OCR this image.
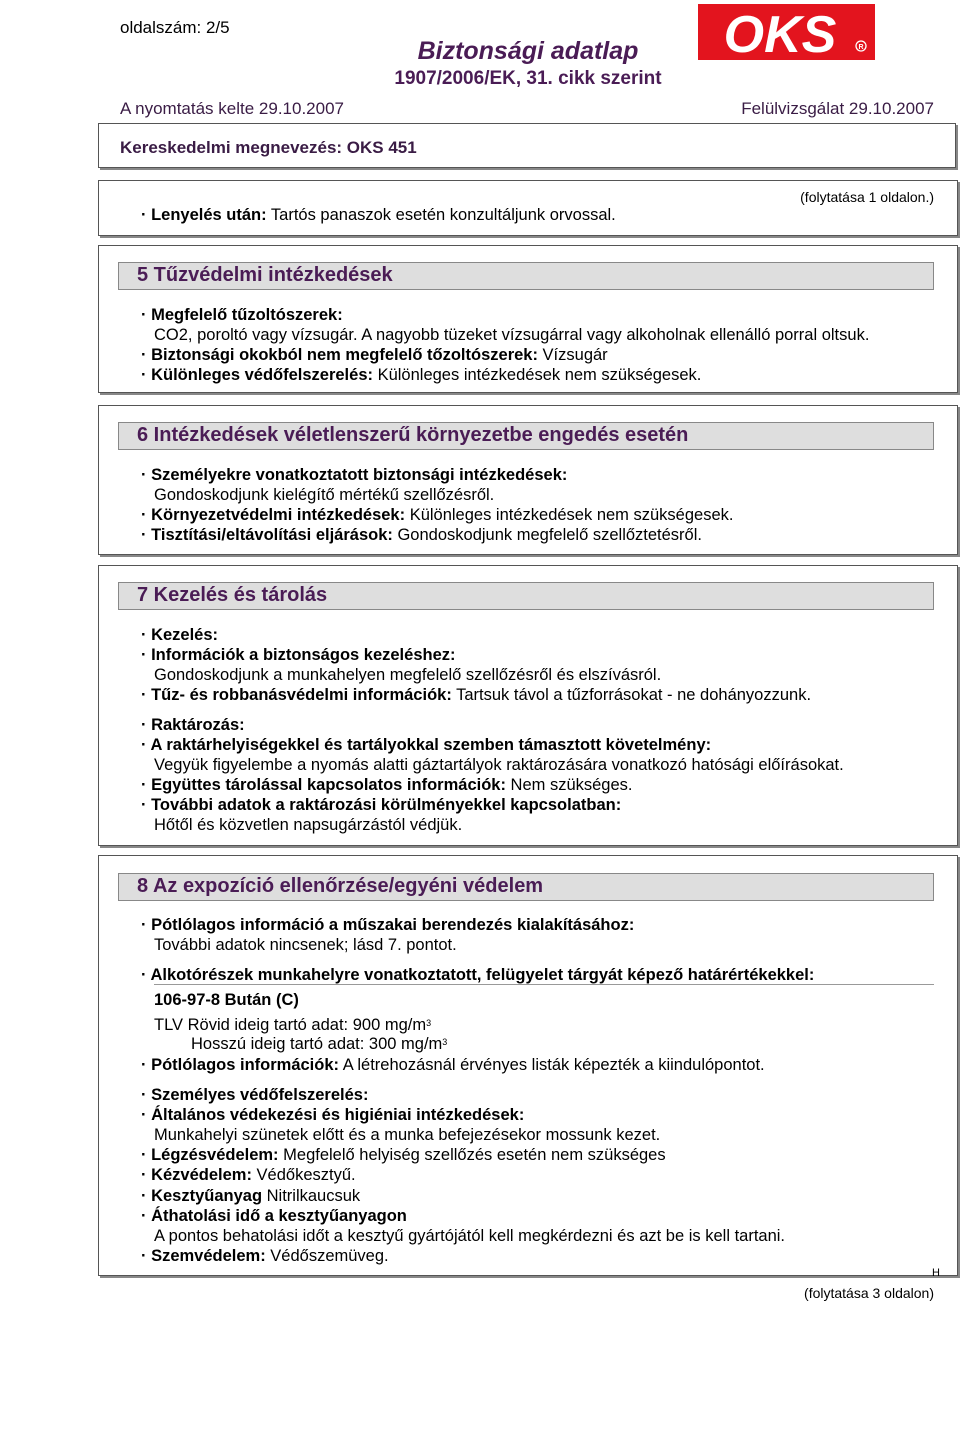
oldalszám: 2/5
Biztonsági adatlap
1907/2006/EK, 31. cikk szerint
OKS	R
A nyomtatás kelte 29.10.2007	Felülvizsgálat 29.10.2007
Kereskedelmi megnevezés: OKS 451
(folytatása 1 oldalon.)
· Lenyelés után: Tartós panaszok esetén konzultáljunk orvossal.
5 Tűzvédelmi intézkedések
· Megfelelő tűzoltószerek:
CO2, poroltó vagy vízsugár. A nagyobb tüzeket vízsugárral vagy alkoholnak ellenálló porral oltsuk.
· Biztonsági okokból nem megfelelő tőzoltószerek: Vízsugár
· Különleges védőfelszerelés: Különleges intézkedések nem szükségesek.
6 Intézkedések véletlenszerű környezetbe engedés esetén
· Személyekre vonatkoztatott biztonsági intézkedések:
Gondoskodjunk kielégítő mértékű szellőzésről.
· Környezetvédelmi intézkedések: Különleges intézkedések nem szükségesek.
· Tisztítási/eltávolítási eljárások: Gondoskodjunk megfelelő szellőztetésről.
7 Kezelés és tárolás
· Kezelés:
· Információk a biztonságos kezeléshez:
Gondoskodjunk a munkahelyen megfelelő szellőzésről és elszívásról.
· Tűz- és robbanásvédelmi információk: Tartsuk távol a tűzforrásokat - ne dohányozzunk.
· Raktározás:
· A raktárhelyiségekkel és tartályokkal szemben támasztott követelmény:
Vegyük figyelembe a nyomás alatti gáztartályok raktározására vonatkozó hatósági előírásokat.
· Együttes tárolással kapcsolatos információk: Nem szükséges.
· További adatok a raktározási körülményekkel kapcsolatban:
Hőtől és közvetlen napsugárzástól védjük.
8 Az expozíció ellenőrzése/egyéni védelem
· Pótlólagos információ a műszakai berendezés kialakításához:
További adatok nincsenek; lásd 7. pontot.
· Alkotórészek munkahelyre vonatkoztatott, felügyelet tárgyát képező határértékekkel:
106-97-8 Bután (C)
TLV Rövid ideig tartó adat: 900 $mg/m^3$
Hosszú ideig tartó adat: 300 $mg/m^3$
· Pótlólagos információk: A létrehozásnál érvényes listák képezték a kiindulópontot.
· Személyes védőfelszerelés:
· Általános védekezési és higiéniai intézkedések:
Munkahelyi szünetek előtt és a munka befejezésekor mossunk kezet.
· Légzésvédelem: Megfelelő helyiség szellőzés esetén nem szükséges
· Kézvédelem: Védőkesztyű.
· Kesztyűanyag Nitrilkaucsuk
· Áthatolási idő a kesztyűanyagon
A pontos behatolási időt a kesztyű gyártójától kell megkérdezni és azt be is kell tartani.
· Szemvédelem: Védőszemüveg.
H
(folytatása 3 oldalon)
